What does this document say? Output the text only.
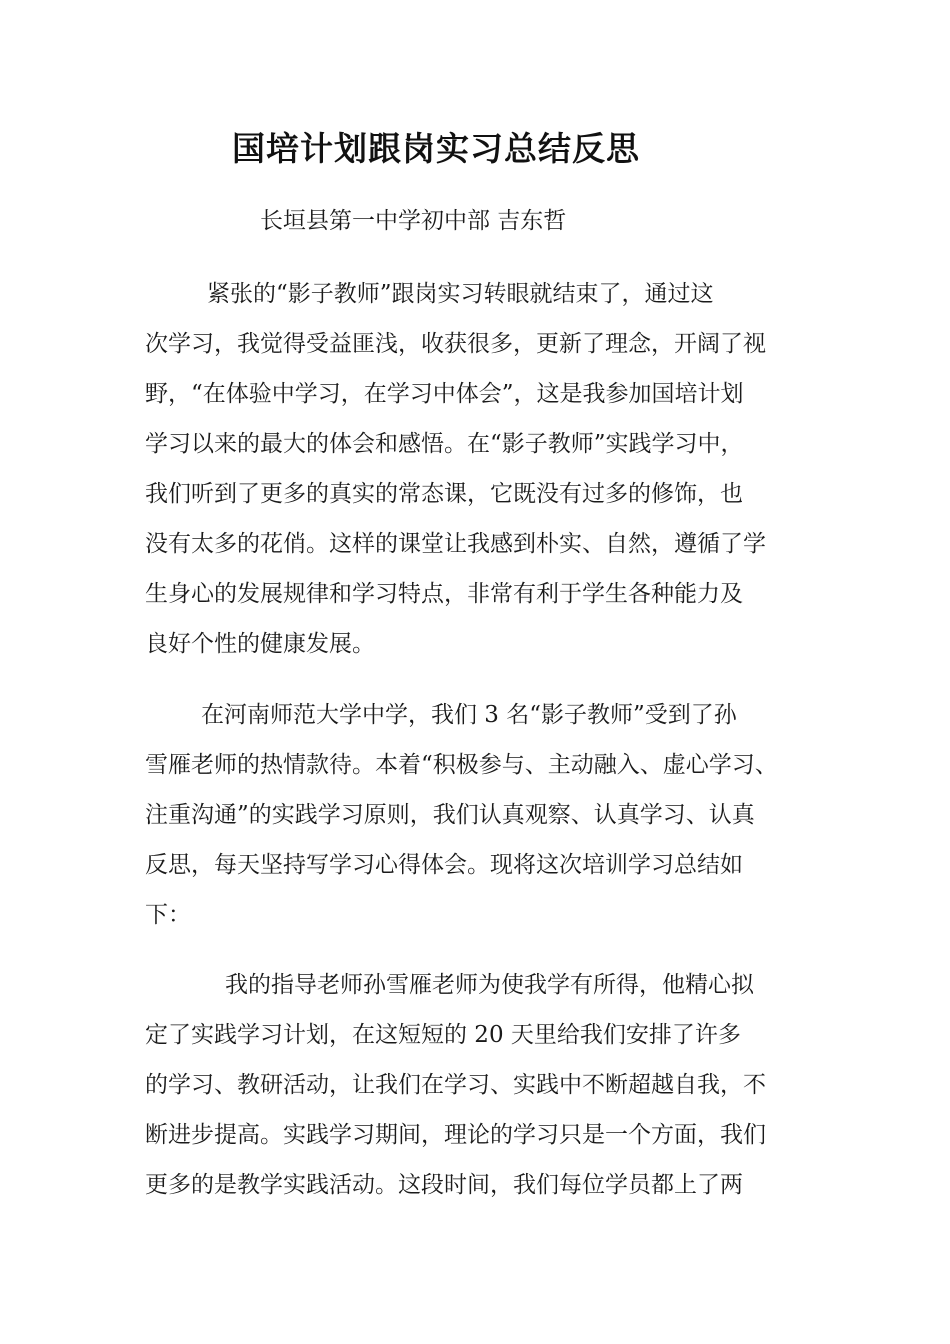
国培计划跟岗实习总结反思
长垣县第一中学初中部 吉东哲
紧张的“影子教师”跟岗实习转眼就结束了，通过这
次学习，我觉得受益匪浅，收获很多，更新了理念，开阔了视
野，“在体验中学习，在学习中体会”，这是我参加国培计划
学习以来的最大的体会和感悟。在“影子教师”实践学习中，
我们听到了更多的真实的常态课，它既没有过多的修饰，也
没有太多的花俏。这样的课堂让我感到朴实、自然，遵循了学
生身心的发展规律和学习特点，非常有利于学生各种能力及
良好个性的健康发展。
在河南师范大学中学，我们 3 名“影子教师”受到了孙
雪雁老师的热情款待。本着“积极参与、主动融入、虚心学习、
注重沟通”的实践学习原则，我们认真观察、认真学习、认真
反思，每天坚持写学习心得体会。现将这次培训学习总结如
下：
我的指导老师孙雪雁老师为使我学有所得，他精心拟
定了实践学习计划，在这短短的 20 天里给我们安排了许多
的学习、教研活动，让我们在学习、实践中不断超越自我，不
断进步提高。实践学习期间，理论的学习只是一个方面，我们
更多的是教学实践活动。这段时间，我们每位学员都上了两
